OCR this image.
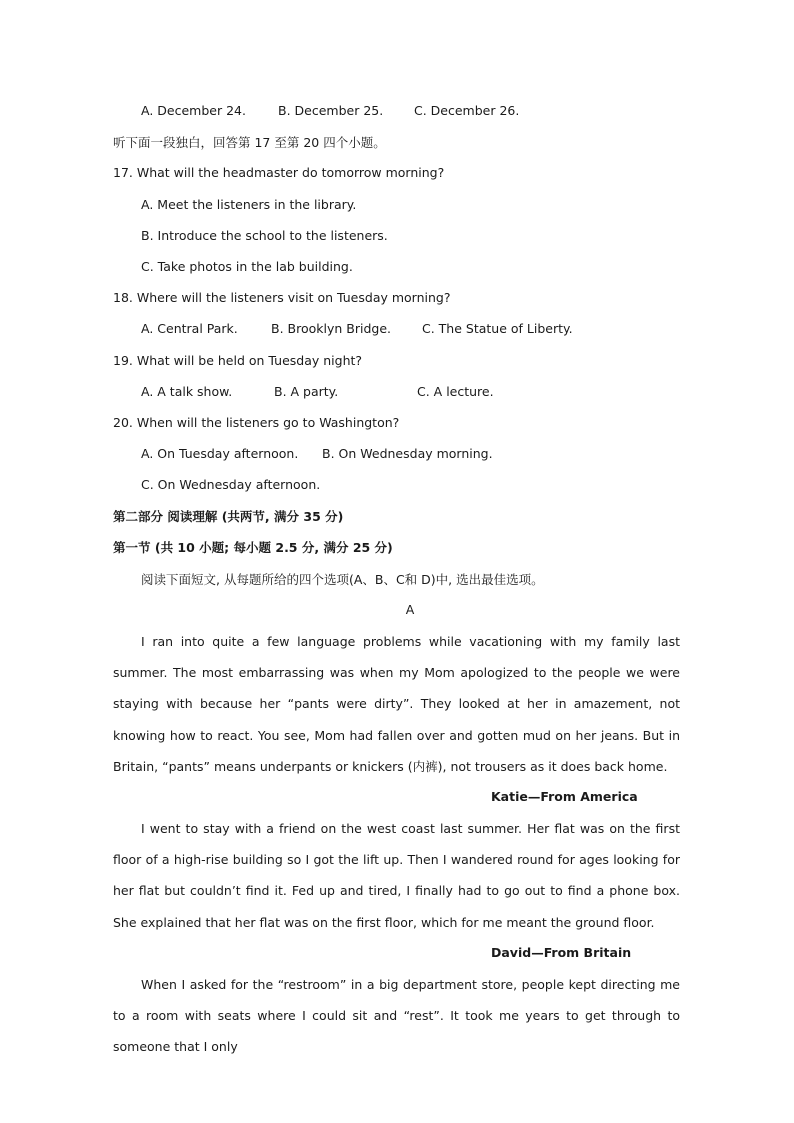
A. December 24.	B. December 25. C. December 26.
听下面一段独白，回答第 17 至第 20 四个小题。
17. What will the headmaster do tomorrow morning?
A. Meet the listeners in the library.
B. Introduce the school to the listeners.
C. Take photos in the lab building.
18. Where will the listeners visit on Tuesday morning?
A. Central Park.	B. Brooklyn Bridge. C. The Statue of Liberty.
19. What will be held on Tuesday night?
A. A talk show.	B. A party.	C. A lecture.
20. When will the listeners go to Washington?
A. On Tuesday afternoon. B. On Wednesday morning.
C. On Wednesday afternoon.
第二部分 阅读理解 (共两节, 满分 35 分)
第一节 (共 10 小题; 每小题 2.5 分, 满分 25 分)
阅读下面短文, 从每题所给的四个选项(A、B、C和 D)中, 选出最佳选项。
A

I ran into quite a few language problems while vacationing with my family last summer. The most embarrassing was when my Mom apologized to the people we were staying with because her “pants were dirty”. They looked at her in amazement, not knowing how to react. You see, Mom had fallen over and gotten mud on her jeans. But in Britain, “pants” means underpants or knickers (内裤), not trousers as it does back home.

Katie—From America

I went to stay with a friend on the west coast last summer. Her flat was on the first floor of a high-rise building so I got the lift up. Then I wandered round for ages looking for her flat but couldn’t find it. Fed up and tired, I finally had to go out to find a phone box. She explained that her flat was on the first floor, which for me meant the ground floor.

David—From Britain

When I asked for the “restroom” in a big department store, people kept directing me to a room with seats where I could sit and “rest”. It took me years to get through to someone that I only
